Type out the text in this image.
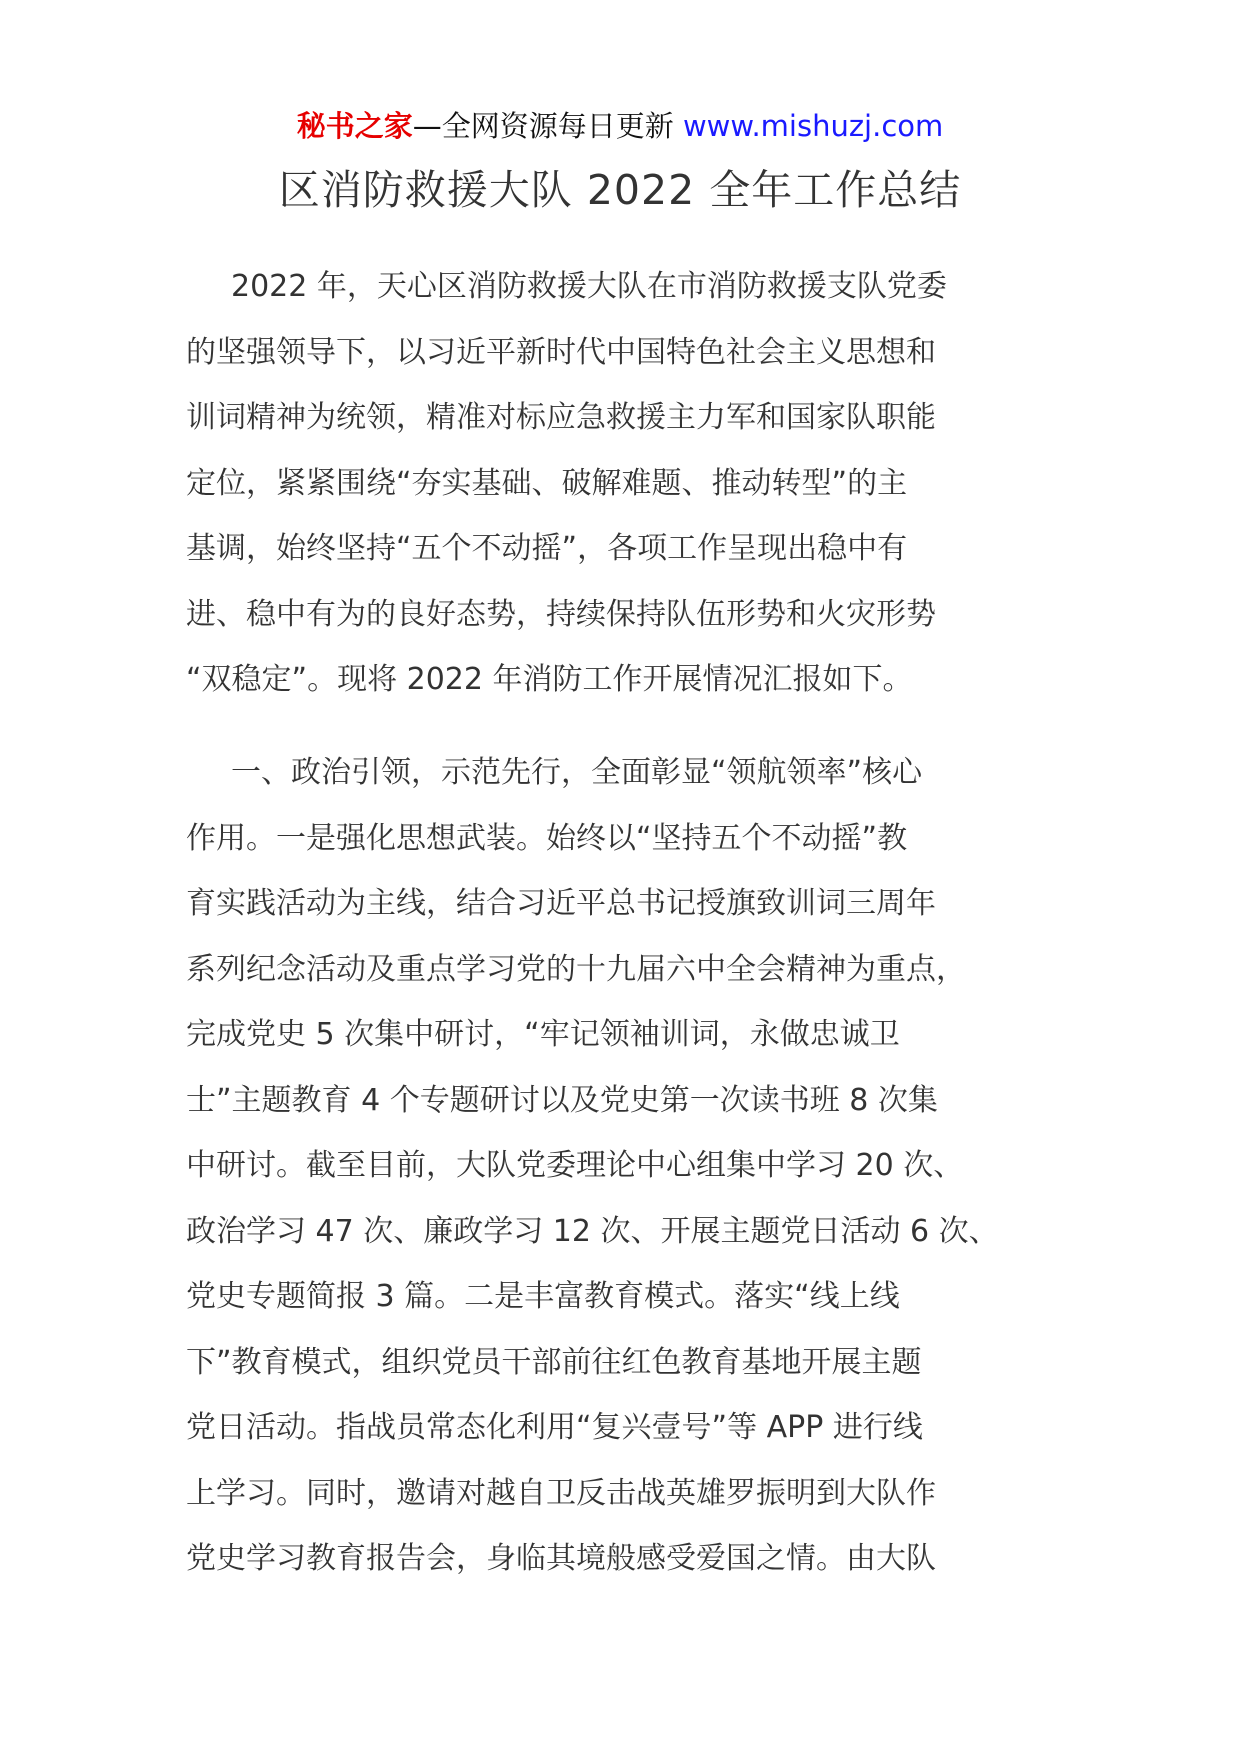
秘书之家—全网资源每日更新 www.mishuzj.com
区消防救援大队 2022 全年工作总结
2022 年，天心区消防救援大队在市消防救援支队党委
的坚强领导下，以习近平新时代中国特色社会主义思想和
训词精神为统领，精准对标应急救援主力军和国家队职能
定位，紧紧围绕“夯实基础、破解难题、推动转型”的主
基调，始终坚持“五个不动摇”，各项工作呈现出稳中有
进、稳中有为的良好态势，持续保持队伍形势和火灾形势
“双稳定”。现将 2022 年消防工作开展情况汇报如下。
一、政治引领，示范先行，全面彰显“领航领率”核心
作用。一是强化思想武装。始终以“坚持五个不动摇”教
育实践活动为主线，结合习近平总书记授旗致训词三周年
系列纪念活动及重点学习党的十九届六中全会精神为重点，
完成党史 5 次集中研讨，“牢记领袖训词，永做忠诚卫
士”主题教育 4 个专题研讨以及党史第一次读书班 8 次集
中研讨。截至目前，大队党委理论中心组集中学习 20 次、
政治学习 47 次、廉政学习 12 次、开展主题党日活动 6 次、
党史专题简报 3 篇。二是丰富教育模式。落实“线上线
下”教育模式，组织党员干部前往红色教育基地开展主题
党日活动。指战员常态化利用“复兴壹号”等 APP 进行线
上学习。同时，邀请对越自卫反击战英雄罗振明到大队作
党史学习教育报告会，身临其境般感受爱国之情。由大队
